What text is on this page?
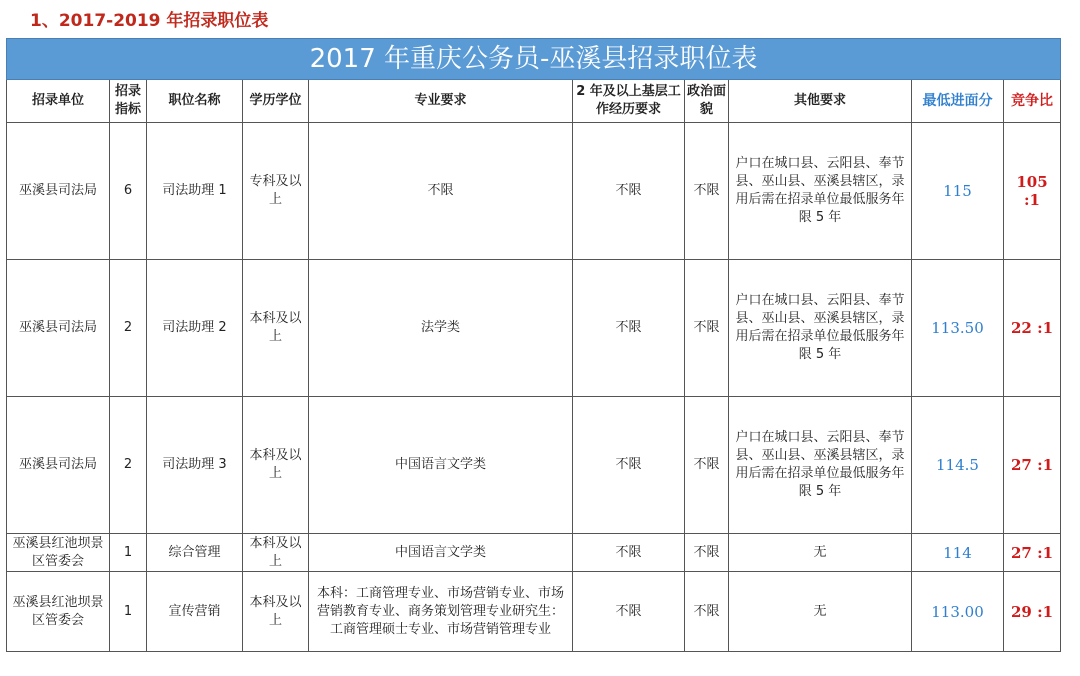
1、2017-2019 年招录职位表
2017 年重庆公务员-巫溪县招录职位表									
招录单位	招录指标	职位名称	学历学位	专业要求	2 年及以上基层工作经历要求	政治面貌	其他要求	最低进面分	竞争比
巫溪县司法局	6	司法助理 1	专科及以上	不限	不限	不限	户口在城口县、云阳县、奉节县、巫山县、巫溪县辖区，录用后需在招录单位最低服务年限 5 年	115	105 :1
巫溪县司法局	2	司法助理 2	本科及以上	法学类	不限	不限	户口在城口县、云阳县、奉节县、巫山县、巫溪县辖区，录用后需在招录单位最低服务年限 5 年	113.50	22 :1
巫溪县司法局	2	司法助理 3	本科及以上	中国语言文学类	不限	不限	户口在城口县、云阳县、奉节县、巫山县、巫溪县辖区，录用后需在招录单位最低服务年限 5 年	114.5	27 :1
巫溪县红池坝景区管委会	1	综合管理	本科及以上	中国语言文学类	不限	不限	无	114	27 :1
巫溪县红池坝景区管委会	1	宣传营销	本科及以上	本科：工商管理专业、市场营销专业、市场营销教育专业、商务策划管理专业研究生：工商管理硕士专业、市场营销管理专业	不限	不限	无	113.00	29 :1
